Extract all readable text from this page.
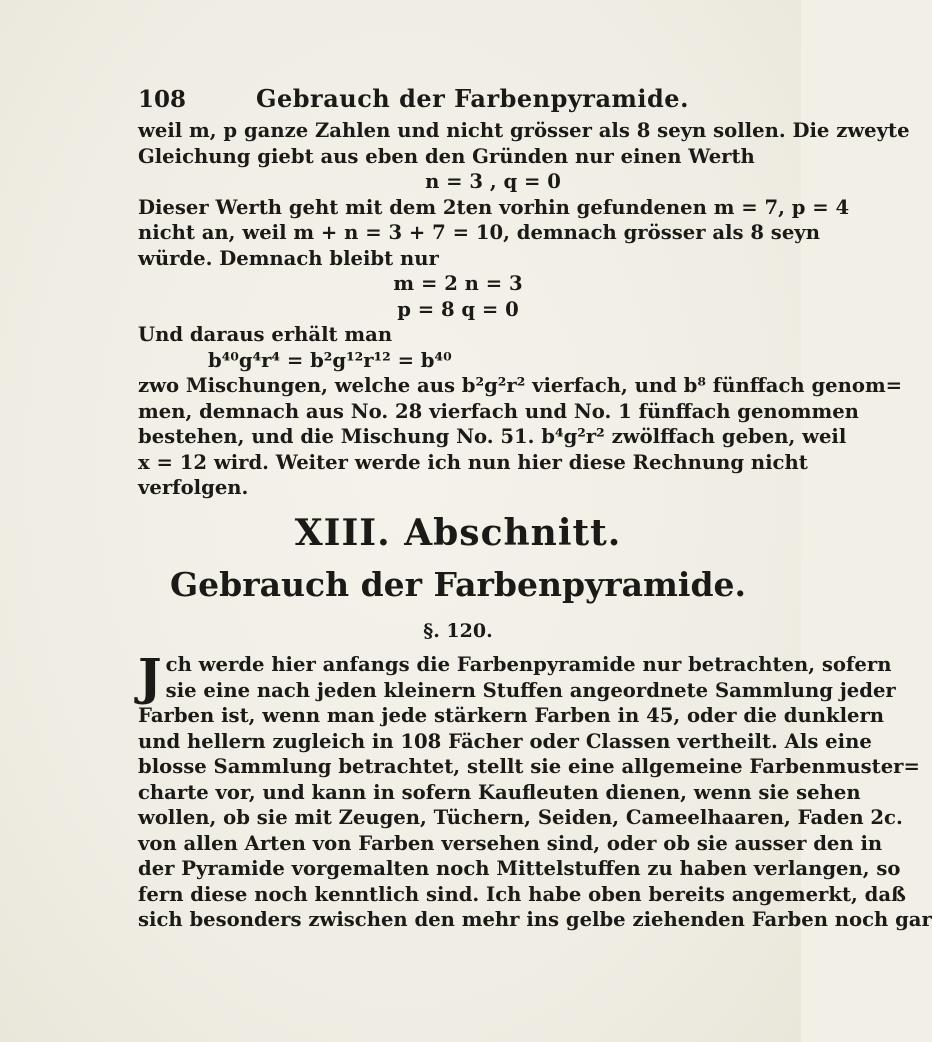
108	Gebrauch der Farbenpyramide.
weil m, p ganze Zahlen und nicht grösser als 8 seyn sollen. Die zweyte
Gleichung giebt aus eben den Gründen nur einen Werth
n = 3 , q = 0
Dieser Werth geht mit dem 2ten vorhin gefundenen m = 7, p = 4
nicht an, weil m + n = 3 + 7 = 10, demnach grösser als 8 seyn
würde. Demnach bleibt nur
m = 2 n = 3
p = 8 q = 0
Und daraus erhält man
b⁴⁰g⁴r⁴ = b²g¹²r¹² = b⁴⁰
zwo Mischungen, welche aus b²g²r² vierfach, und b⁸ fünffach genom=
men, demnach aus No. 28 vierfach und No. 1 fünffach genommen
bestehen, und die Mischung No. 51. b⁴g²r² zwölffach geben, weil
x = 12 wird. Weiter werde ich nun hier diese Rechnung nicht
verfolgen.
XIII. Abschnitt.
Gebrauch der Farbenpyramide.
§. 120.
J ch werde hier anfangs die Farbenpyramide nur betrachten, sofern
sie eine nach jeden kleinern Stuffen angeordnete Sammlung jeder
Farben ist, wenn man jede stärkern Farben in 45, oder die dunklern
und hellern zugleich in 108 Fächer oder Classen vertheilt. Als eine
blosse Sammlung betrachtet, stellt sie eine allgemeine Farbenmuster=
charte vor, und kann in sofern Kaufleuten dienen, wenn sie sehen
wollen, ob sie mit Zeugen, Tüchern, Seiden, Cameelhaaren, Faden 2c.
von allen Arten von Farben versehen sind, oder ob sie ausser den in
der Pyramide vorgemalten noch Mittelstuffen zu haben verlangen, so
fern diese noch kenntlich sind. Ich habe oben bereits angemerkt, daß
sich besonders zwischen den mehr ins gelbe ziehenden Farben noch gar
